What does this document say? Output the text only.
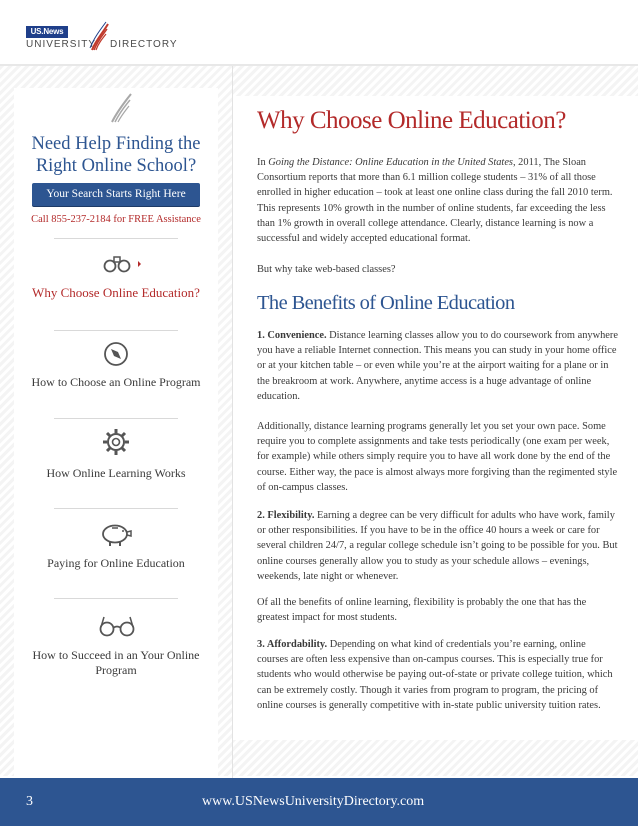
US.News
UNIVERSITY DIRECTORY
Need Help Finding the Right Online School?
Your Search Starts Right Here
Call 855-237-2184 for FREE Assistance
Why Choose Online Education?
How to Choose an Online Program
How Online Learning Works
Paying for Online Education
How to Succeed in an Your Online Program
Why Choose Online Education?

In Going the Distance: Online Education in the United States, 2011, The Sloan Consortium reports that more than 6.1 million college students – 31% of all those enrolled in higher education – took at least one online class during the fall 2010 term. This represents 10% growth in the number of online students, far exceeding the less than 1% growth in overall college attendance. Clearly, distance learning is now a successful and widely accepted educational format.

But why take web-based classes?

The Benefits of Online Education

1. Convenience. Distance learning classes allow you to do coursework from anywhere you have a reliable Internet connection. This means you can study in your home office or at your kitchen table – or even while you’re at the airport waiting for a plane or in the breakroom at work. Anywhere, anytime access is a huge advantage of online education.

Additionally, distance learning programs generally let you set your own pace. Some require you to complete assignments and take tests periodically (one exam per week, for example) while others simply require you to have all work done by the end of the course. Either way, the pace is almost always more forgiving than the regimented style of on-campus classes.

2. Flexibility. Earning a degree can be very difficult for adults who have work, family or other responsibilities. If you have to be in the office 40 hours a week or care for several children 24/7, a regular college schedule isn’t going to be possible for you. But online courses generally allow you to study as your schedule allows – evenings, weekends, late night or whenever.

Of all the benefits of online learning, flexibility is probably the one that has the greatest impact for most students.

3. Affordability. Depending on what kind of credentials you’re earning, online courses are often less expensive than on-campus courses. This is especially true for students who would otherwise be paying out-of-state or private college tuition, which can be extremely costly. Though it varies from program to program, the pricing of online courses is generally competitive with in-state public university tuition rates.

3	www.USNewsUniversityDirectory.com
